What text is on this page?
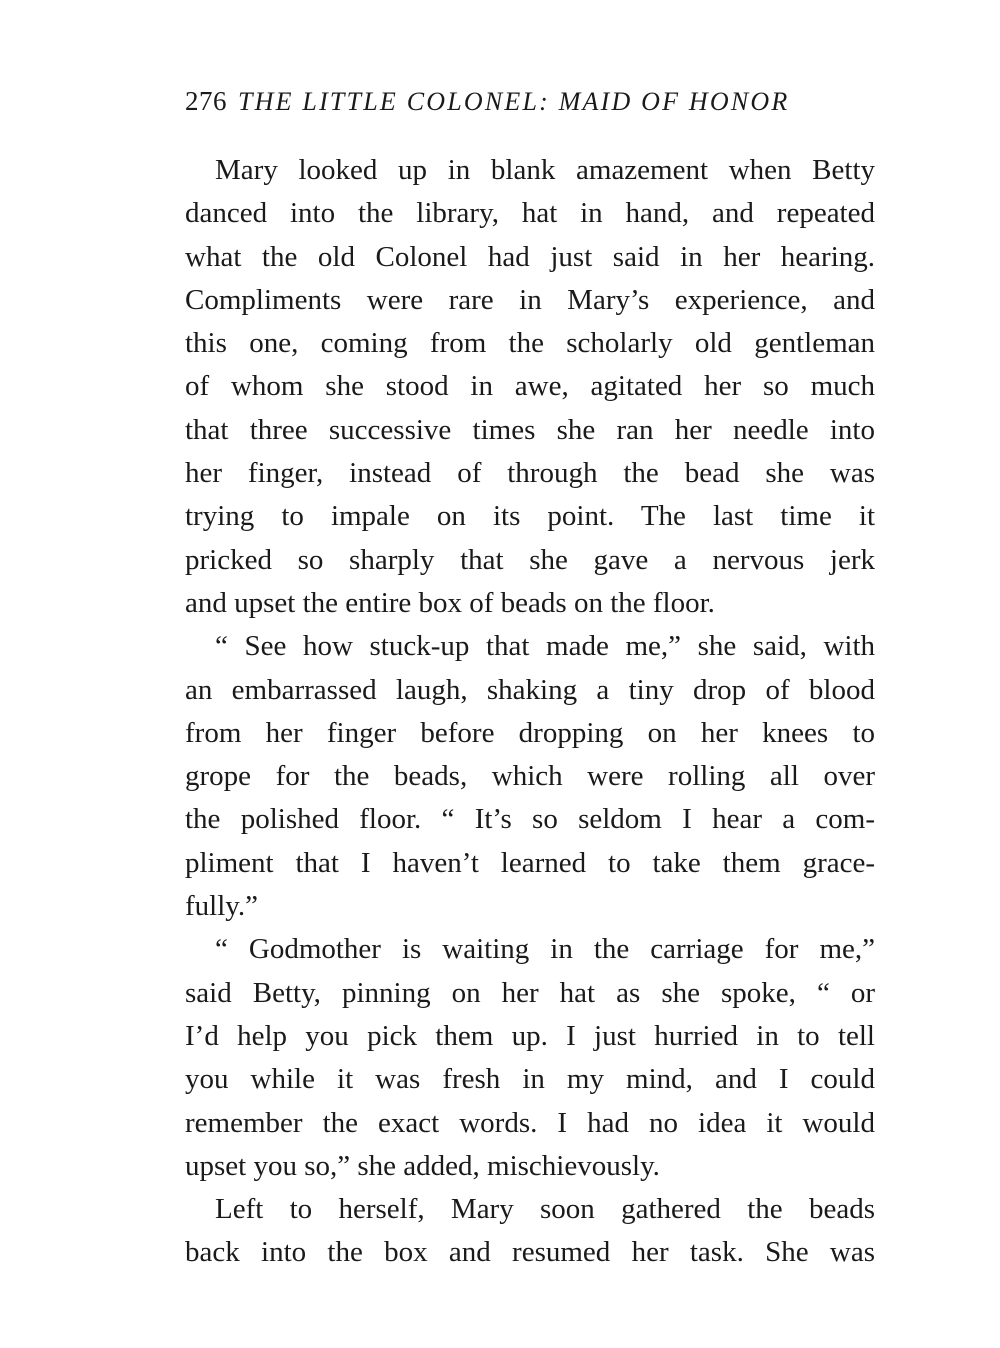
276 THE LITTLE COLONEL: MAID OF HONOR
Mary looked up in blank amazement when Betty
danced into the library, hat in hand, and repeated
what the old Colonel had just said in her hearing.
Compliments were rare in Mary’s experience, and
this one, coming from the scholarly old gentleman
of whom she stood in awe, agitated her so much
that three successive times she ran her needle into
her finger, instead of through the bead she was
trying to impale on its point. The last time it
pricked so sharply that she gave a nervous jerk
and upset the entire box of beads on the floor.
“ See how stuck-up that made me,” she said, with
an embarrassed laugh, shaking a tiny drop of blood
from her finger before dropping on her knees to
grope for the beads, which were rolling all over
the polished floor. “ It’s so seldom I hear a com-
pliment that I haven’t learned to take them grace-
fully.”
“ Godmother is waiting in the carriage for me,”
said Betty, pinning on her hat as she spoke, “ or
I’d help you pick them up. I just hurried in to tell
you while it was fresh in my mind, and I could
remember the exact words. I had no idea it would
upset you so,” she added, mischievously.
Left to herself, Mary soon gathered the beads
back into the box and resumed her task. She was
